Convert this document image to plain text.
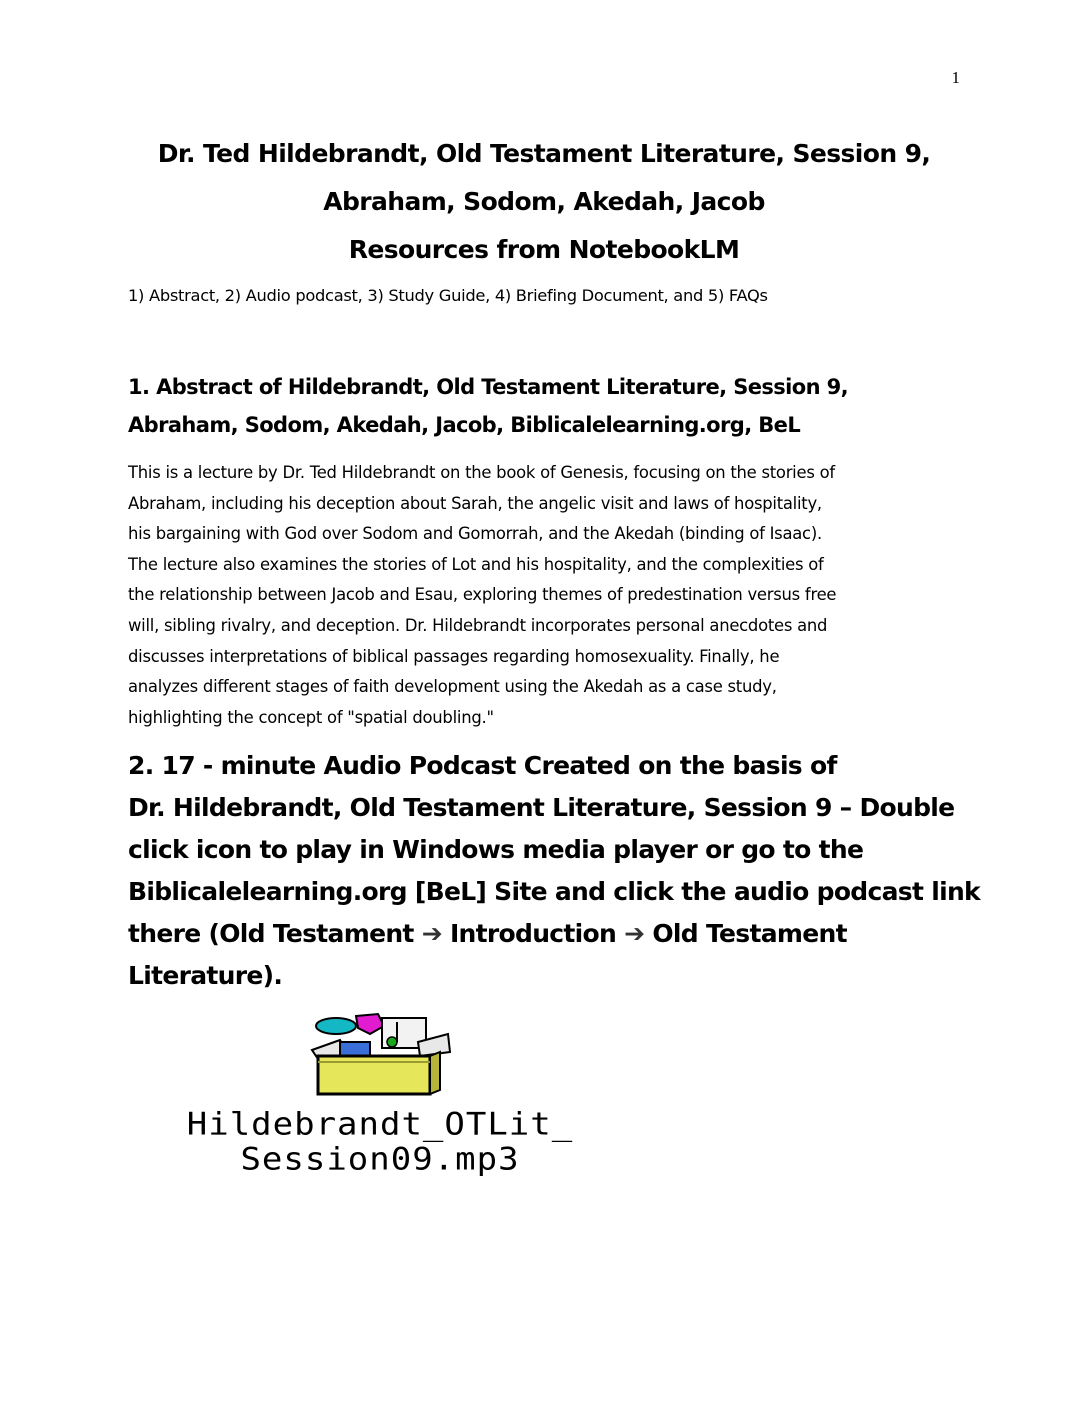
1
Dr. Ted Hildebrandt, Old Testament Literature, Session 9,
Abraham, Sodom, Akedah, Jacob
Resources from NotebookLM
1) Abstract, 2) Audio podcast, 3) Study Guide, 4) Briefing Document, and 5) FAQs
1. Abstract of Hildebrandt, Old Testament Literature, Session 9,
Abraham, Sodom, Akedah, Jacob, Biblicalelearning.org, BeL
This is a lecture by Dr. Ted Hildebrandt on the book of Genesis, focusing on the stories of
Abraham, including his deception about Sarah, the angelic visit and laws of hospitality,
his bargaining with God over Sodom and Gomorrah, and the Akedah (binding of Isaac).
The lecture also examines the stories of Lot and his hospitality, and the complexities of
the relationship between Jacob and Esau, exploring themes of predestination versus free
will, sibling rivalry, and deception. Dr. Hildebrandt incorporates personal anecdotes and
discusses interpretations of biblical passages regarding homosexuality. Finally, he
analyzes different stages of faith development using the Akedah as a case study,
highlighting the concept of "spatial doubling."
2. 17 - minute Audio Podcast Created on the basis of
Dr. Hildebrandt, Old Testament Literature, Session 9 – Double
click icon to play in Windows media player or go to the
Biblicalelearning.org [BeL] Site and click the audio podcast link
there (Old Testament ➔ Introduction ➔ Old Testament
Literature).
Hildebrandt_OTLit_
Session09.mp3
